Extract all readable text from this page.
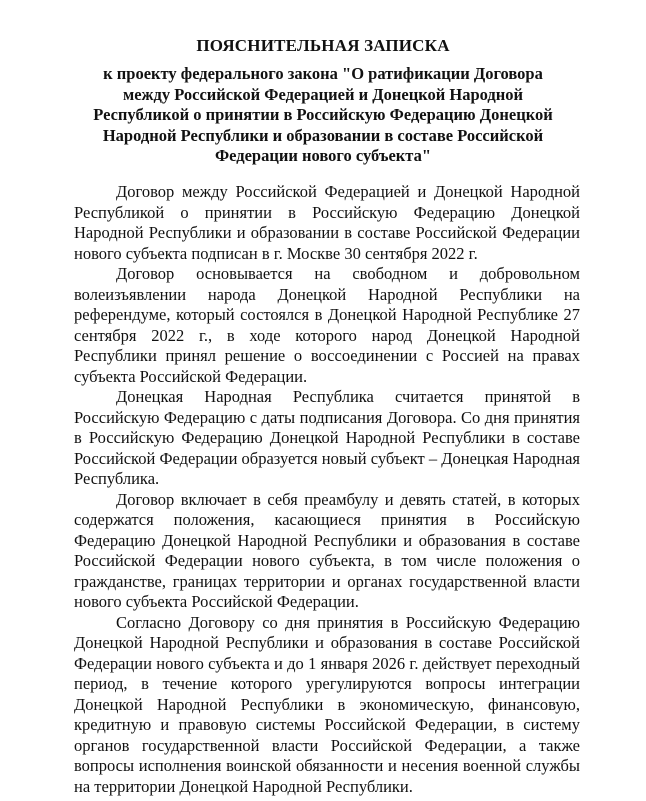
ПОЯСНИТЕЛЬНАЯ ЗАПИСКА
к проекту федерального закона "О ратификации Договора между Российской Федерацией и Донецкой Народной Республикой о принятии в Российскую Федерацию Донецкой Народной Республики и образовании в составе Российской Федерации нового субъекта"

Договор между Российской Федерацией и Донецкой Народной Республикой о принятии в Российскую Федерацию Донецкой Народной Республики и образовании в составе Российской Федерации нового субъекта подписан в г. Москве 30 сентября 2022 г.

Договор основывается на свободном и добровольном волеизъявлении народа Донецкой Народной Республики на референдуме, который состоялся в Донецкой Народной Республике 27 сентября 2022 г., в ходе которого народ Донецкой Народной Республики принял решение о воссоединении с Россией на правах субъекта Российской Федерации.

Донецкая Народная Республика считается принятой в Российскую Федерацию с даты подписания Договора. Со дня принятия в Российскую Федерацию Донецкой Народной Республики в составе Российской Федерации образуется новый субъект – Донецкая Народная Республика.

Договор включает в себя преамбулу и девять статей, в которых содержатся положения, касающиеся принятия в Российскую Федерацию Донецкой Народной Республики и образования в составе Российской Федерации нового субъекта, в том числе положения о гражданстве, границах территории и органах государственной власти нового субъекта Российской Федерации.

Согласно Договору со дня принятия в Российскую Федерацию Донецкой Народной Республики и образования в составе Российской Федерации нового субъекта и до 1 января 2026 г. действует переходный период, в течение которого урегулируются вопросы интеграции Донецкой Народной Республики в экономическую, финансовую, кредитную и правовую системы Российской Федерации, в систему органов государственной власти Российской Федерации, а также вопросы исполнения воинской обязанности и несения военной службы на территории Донецкой Народной Республики.
